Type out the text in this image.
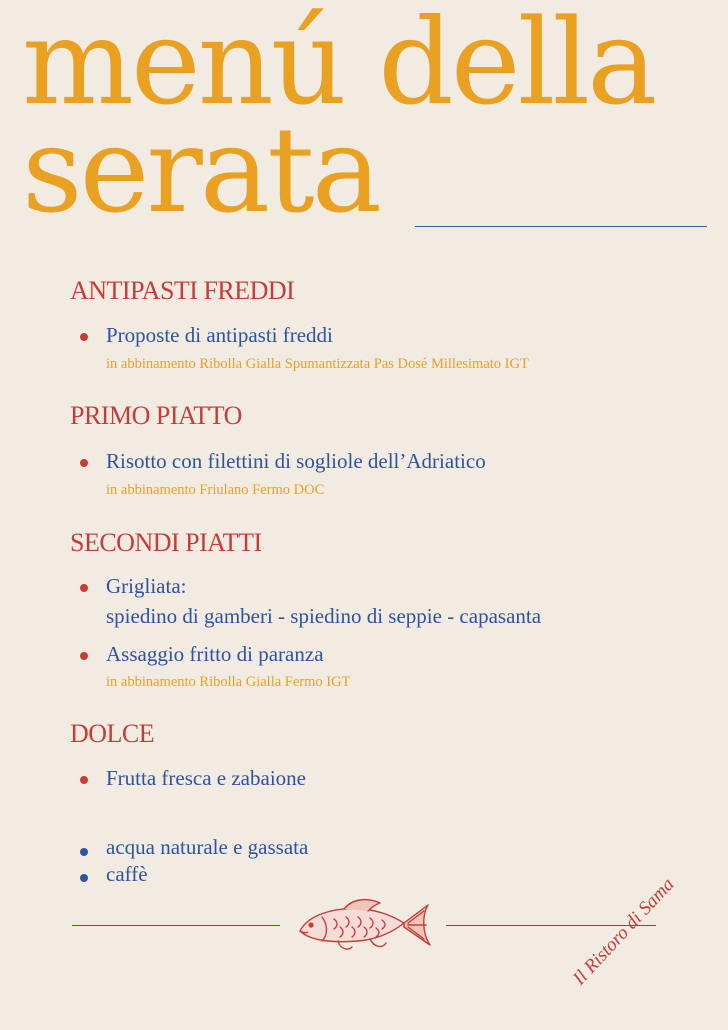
menú della
serata
ANTIPASTI FREDDI
Proposte di antipasti freddi
in abbinamento Ribolla Gialla Spumantizzata Pas Dosé Millesimato IGT
PRIMO PIATTO
Risotto con filettini di sogliole dell’Adriatico
in abbinamento Friulano Fermo DOC
SECONDI PIATTI
Grigliata:
spiedino di gamberi - spiedino di seppie - capasanta
Assaggio fritto di paranza
in abbinamento Ribolla Gialla Fermo IGT
DOLCE
Frutta fresca e zabaione
acqua naturale e gassata
caffè	Il Ristoro di Sama
